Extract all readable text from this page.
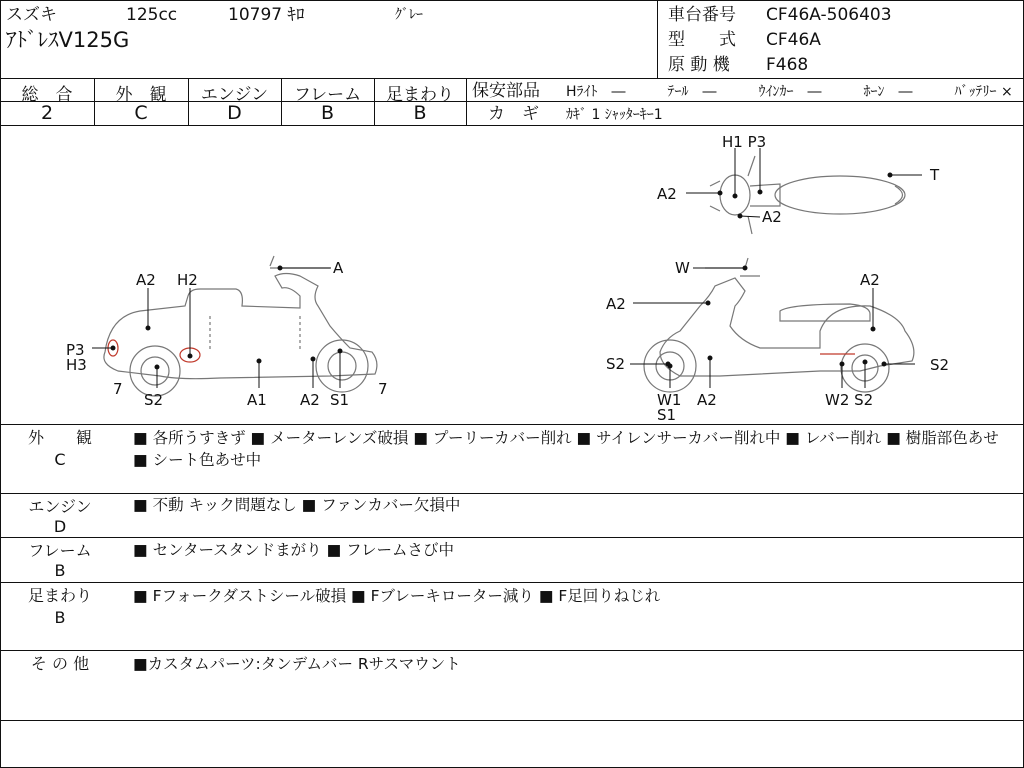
スズキ	125cc	10797 ｷﾛ	ｸﾞﾚｰ
ｱﾄﾞﾚｽV125G
車台番号 CF46A-506403
型　　式 CF46A
原 動 機 F468
総　合	外　観	エンジン	フレーム	足まわり
2	C	D	B	B
保安部品 Hﾗｲﾄ　―　　　ﾃｰﾙ　―　　　ｳｲﾝｶｰ　―　　　ﾎｰﾝ　―　　　ﾊﾞｯﾃﾘｰ ×
カ　ギ ｶｷﾞ 1 ｼｬｯﾀｰｷｰ1
H1 P3
A2
A2
T
A
A2 H2
P3
H3
7
S2	A1 A2 S1
7
W
A2
A2
S2	S2
W1
S1
A2	W2 S2
外　　観
C
■ 各所うすきず ■ メーターレンズ破損 ■ プーリーカバー削れ ■ サイレンサーカバー削れ中 ■ レバー削れ ■ 樹脂部色あせ ■ シート色あせ中
エンジン
D
■ 不動 キック問題なし ■ ファンカバー欠損中
フレーム
B
■ センタースタンドまがり ■ フレームさび中
足まわり
B
■ Fフォークダストシール破損 ■ Fブレーキローター減り ■ F足回りねじれ
そ の 他	■カスタムパーツ:タンデムバー Rサスマウント
